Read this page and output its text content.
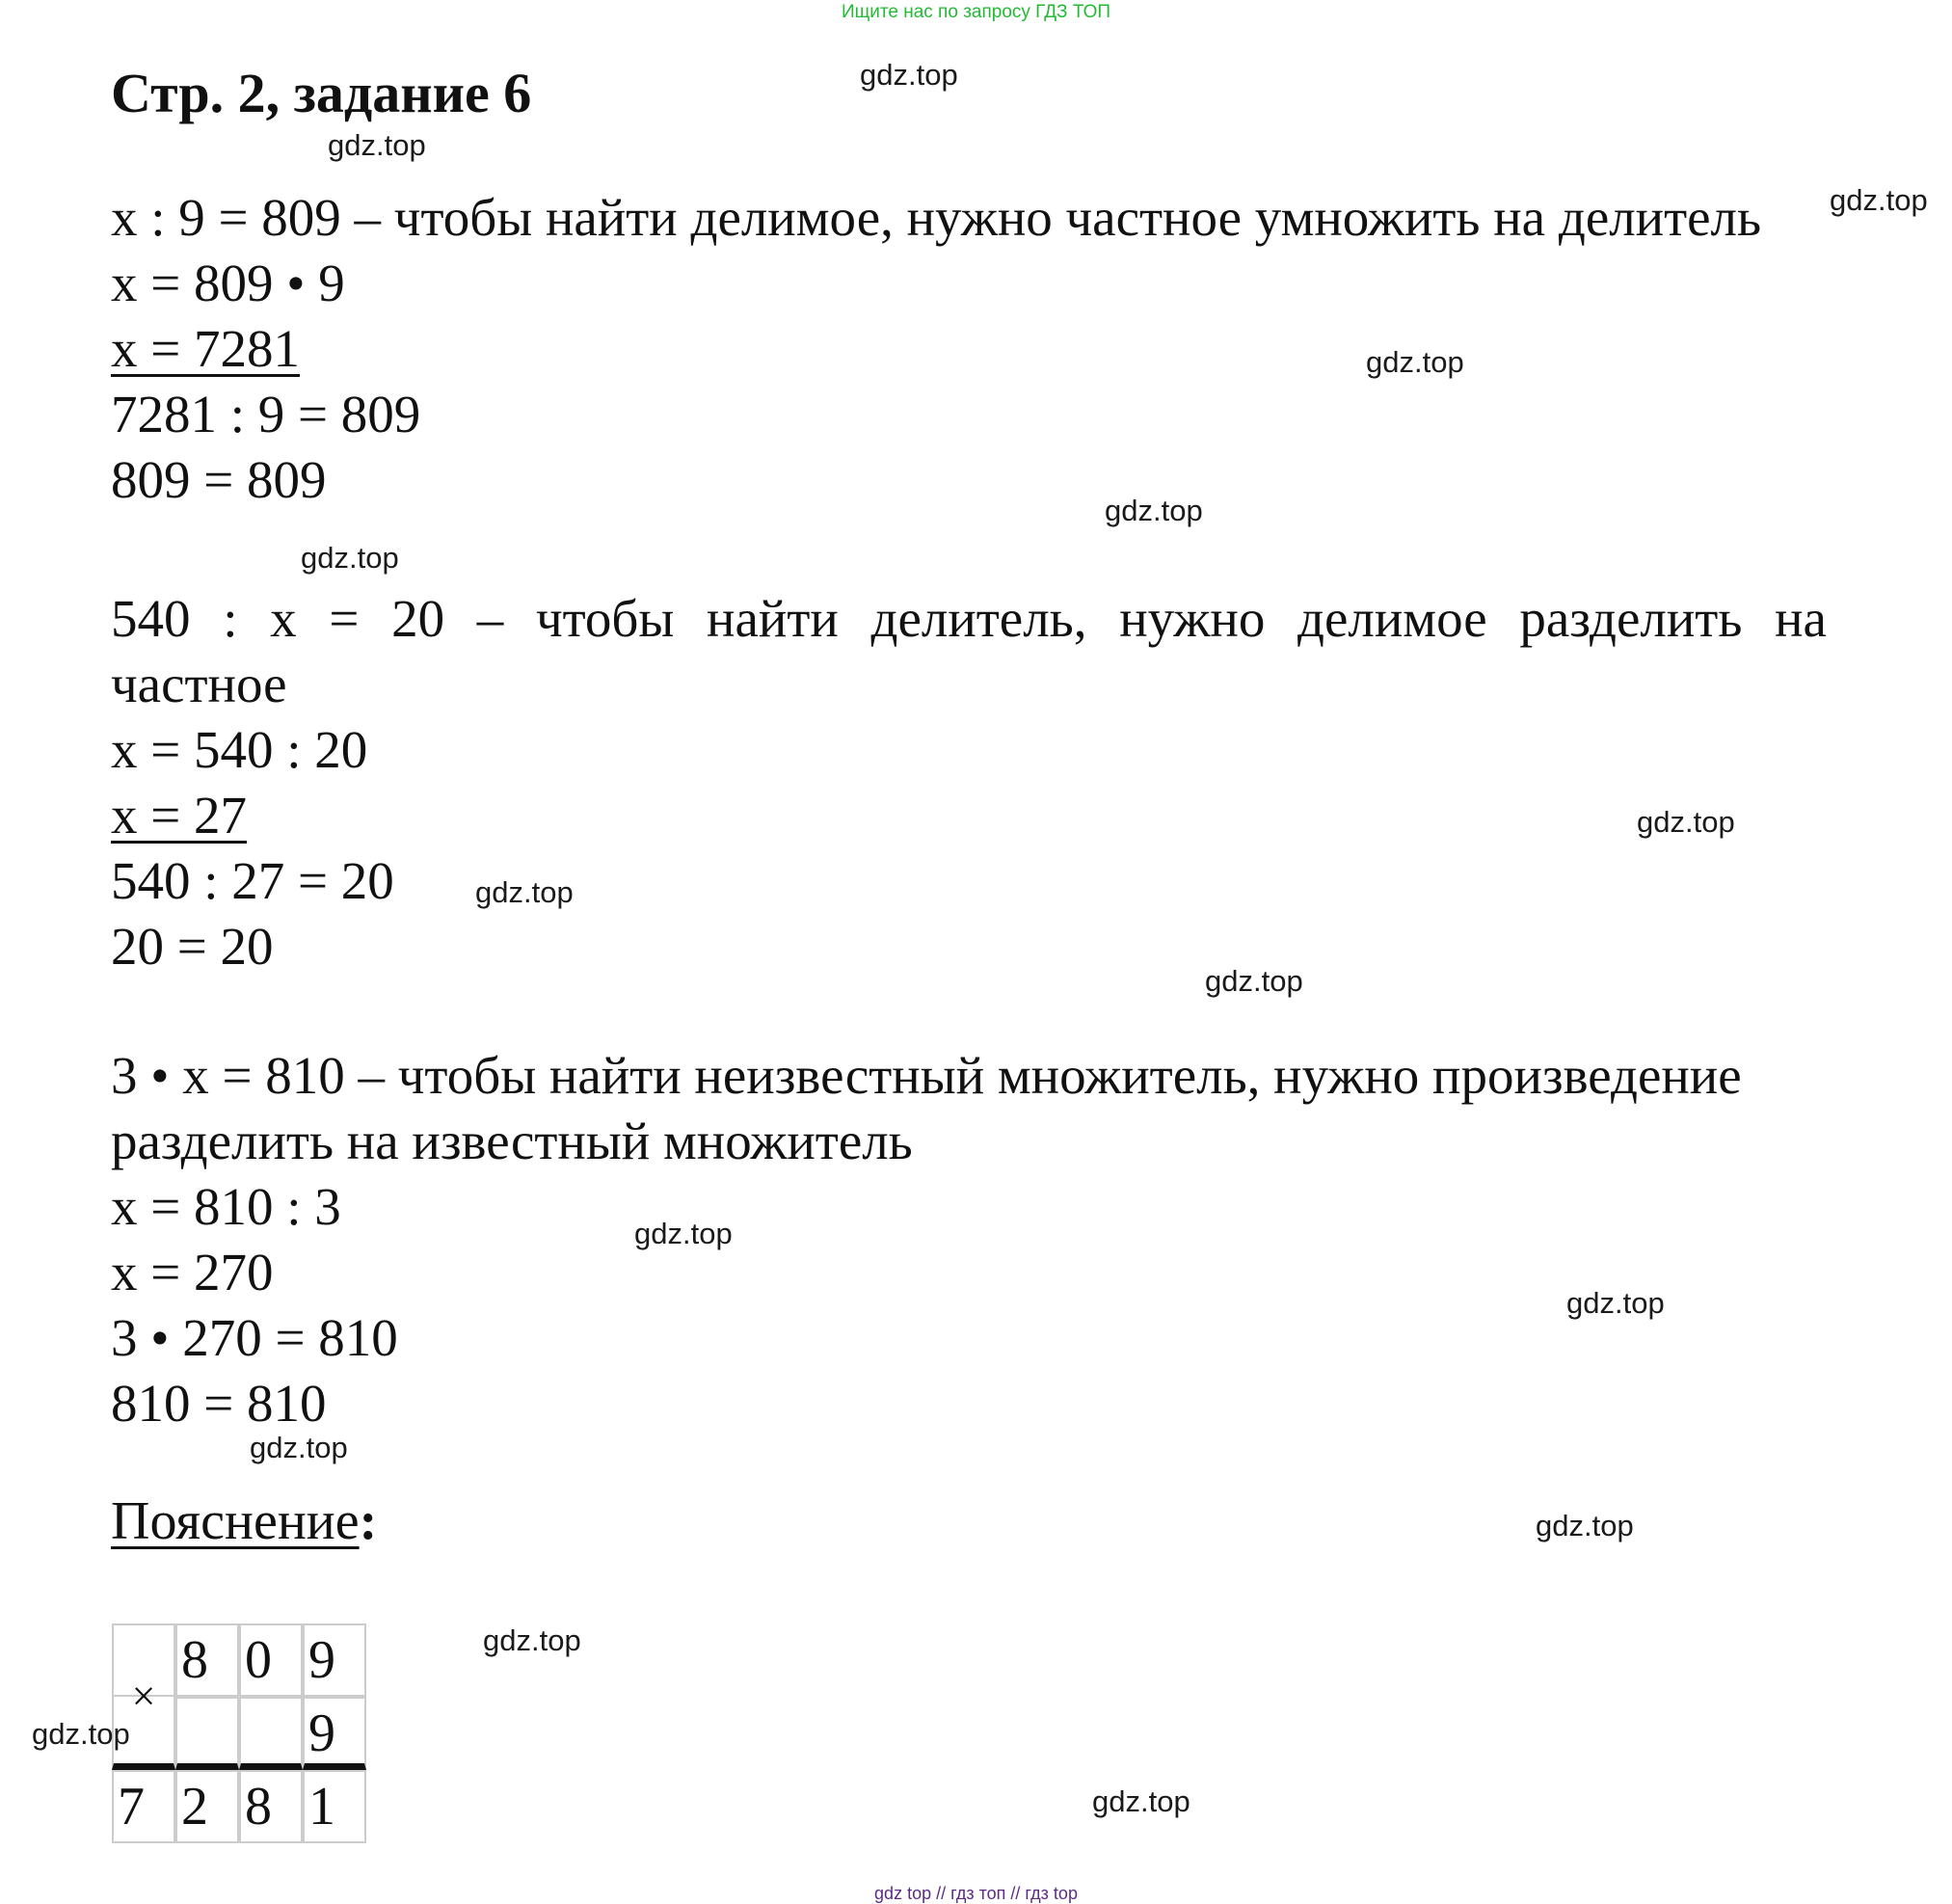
Ищите нас по запросу ГДЗ ТОП
Стр. 2, задание 6
x : 9 = 809 – чтобы найти делимое, нужно частное умножить на делитель
x = 809 • 9
x = 7281
7281 : 9 = 809
809 = 809
540 : x = 20 – чтобы найти делитель, нужно делимое разделить на
частное
x = 540 : 20
x = 27
540 : 27 = 20
20 = 20
3 • x = 810 – чтобы найти неизвестный множитель, нужно произведение
разделить на известный множитель
x = 810 : 3
x = 270
3 • 270 = 810
810 = 810
Пояснение:
8 0 9
×
9
7 2 8 1
gdz.top
gdz.top
gdz.top
gdz.top
gdz.top
gdz.top
gdz.top
gdz.top
gdz.top
gdz.top
gdz.top
gdz.top
gdz.top
gdz.top
gdz.top
gdz.top
gdz top // гдз топ // гдз top
